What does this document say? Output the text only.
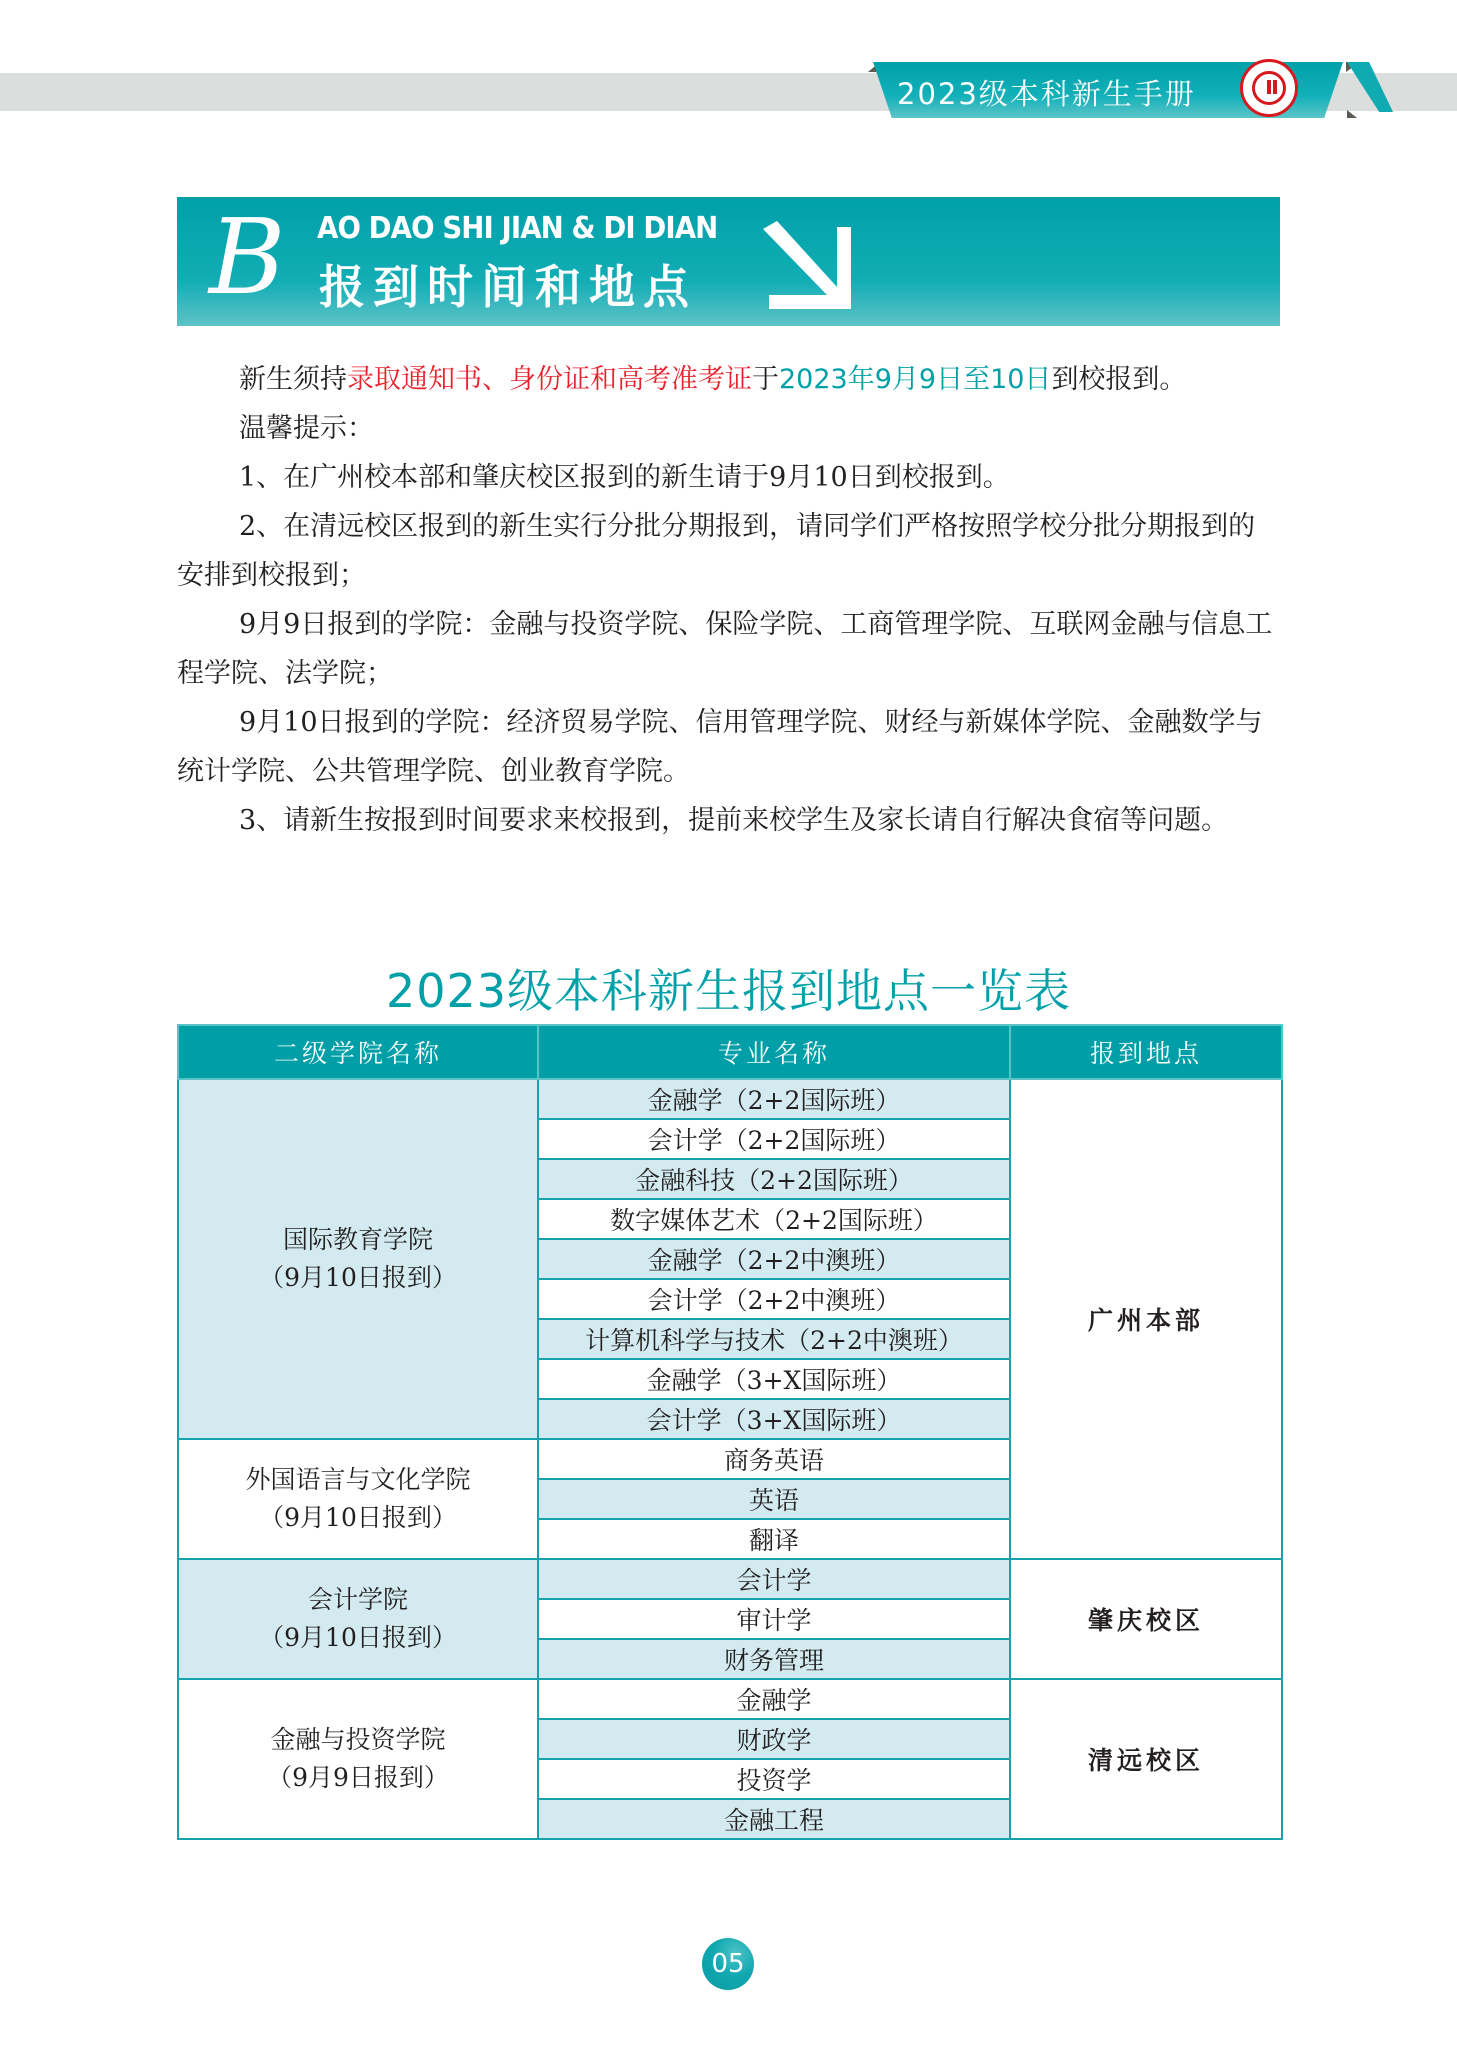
2023级本科新生手册
B AO DAO SHI JIAN & DI DIAN
报到时间和地点

新生须持录取通知书、身份证和高考准考证于2023年9月9日至10日到校报到。

温馨提示：

1、在广州校本部和肇庆校区报到的新生请于9月10日到校报到。

2、在清远校区报到的新生实行分批分期报到，请同学们严格按照学校分批分期报到的安排到校报到；

9月9日报到的学院：金融与投资学院、保险学院、工商管理学院、互联网金融与信息工程学院、法学院；

9月10日报到的学院：经济贸易学院、信用管理学院、财经与新媒体学院、金融数学与统计学院、公共管理学院、创业教育学院。

3、请新生按报到时间要求来校报到，提前来校学生及家长请自行解决食宿等问题。

2023级本科新生报到地点一览表
二级学院名称	专业名称	报到地点

国际教育学院
（9月10日报到）	金融学（2+2国际班）	广州本部
	会计学（2+2国际班）	
	金融科技（2+2国际班）	
	数字媒体艺术（2+2国际班）	
	金融学（2+2中澳班）	
	会计学（2+2中澳班）	
	计算机科学与技术（2+2中澳班）	
	金融学（3+X国际班）	
	会计学（3+X国际班）	

外国语言与文化学院
（9月10日报到）	商务英语	
	英语	
	翻译	

会计学院
（9月10日报到）	会计学	肇庆校区
	审计学	
	财务管理	

金融与投资学院
（9月9日报到）	金融学	清远校区
	财政学	
	投资学	
	金融工程	
05
